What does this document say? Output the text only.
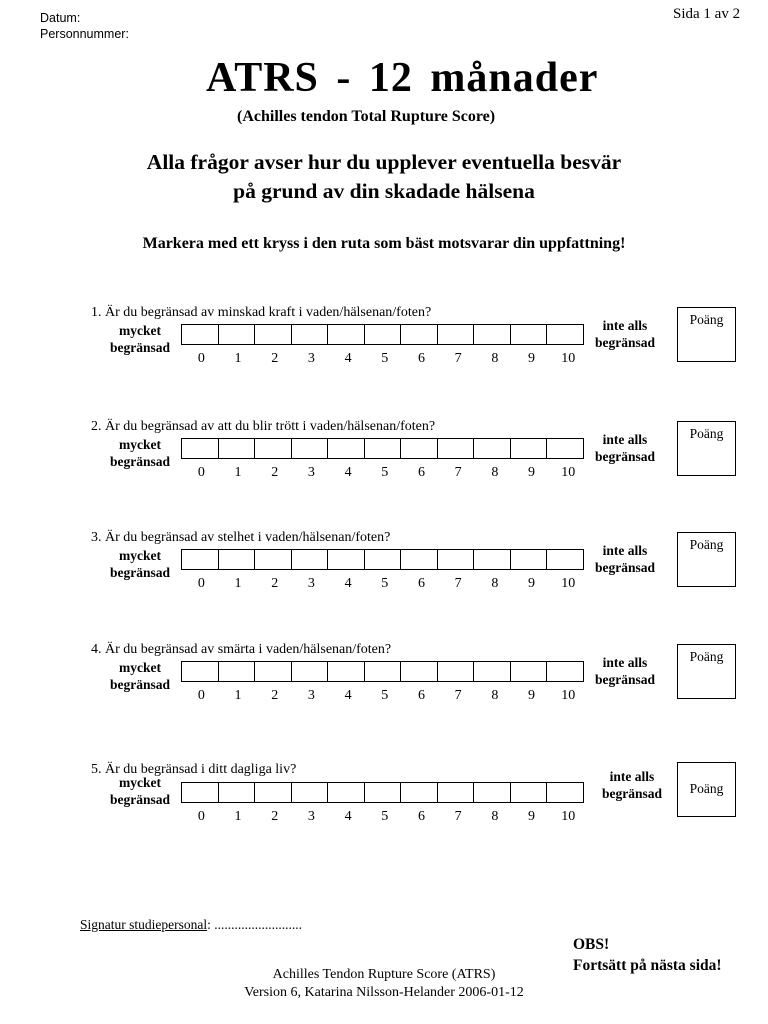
Datum:
Personnummer:
Sida 1 av 2
ATRS - 12 månader
(Achilles tendon Total Rupture Score)
Alla frågor avser hur du upplever eventuella besvär
på grund av din skadade hälsena
Markera med ett kryss i den ruta som bäst motsvarar din uppfattning!
1. Är du begränsad av minskad kraft i vaden/hälsenan/foten?
mycket
begränsad
0	1	2	3	4	5	6	7	8	9	10
inte alls
begränsad
Poäng
2. Är du begränsad av att du blir trött i vaden/hälsenan/foten?
mycket
begränsad
0	1	2	3	4	5	6	7	8	9	10
inte alls
begränsad
Poäng
3. Är du begränsad av stelhet i vaden/hälsenan/foten?
mycket
begränsad
0	1	2	3	4	5	6	7	8	9	10
inte alls
begränsad
Poäng
4. Är du begränsad av smärta i vaden/hälsenan/foten?
mycket
begränsad
0	1	2	3	4	5	6	7	8	9	10
inte alls
begränsad
Poäng
5. Är du begränsad i ditt dagliga liv?
mycket
begränsad
0	1	2	3	4	5	6	7	8	9	10
inte alls
begränsad	Poäng
Signatur studiepersonal: ..........................
OBS!
Fortsätt på nästa sida!
Achilles Tendon Rupture Score (ATRS)
Version 6, Katarina Nilsson-Helander 2006-01-12
